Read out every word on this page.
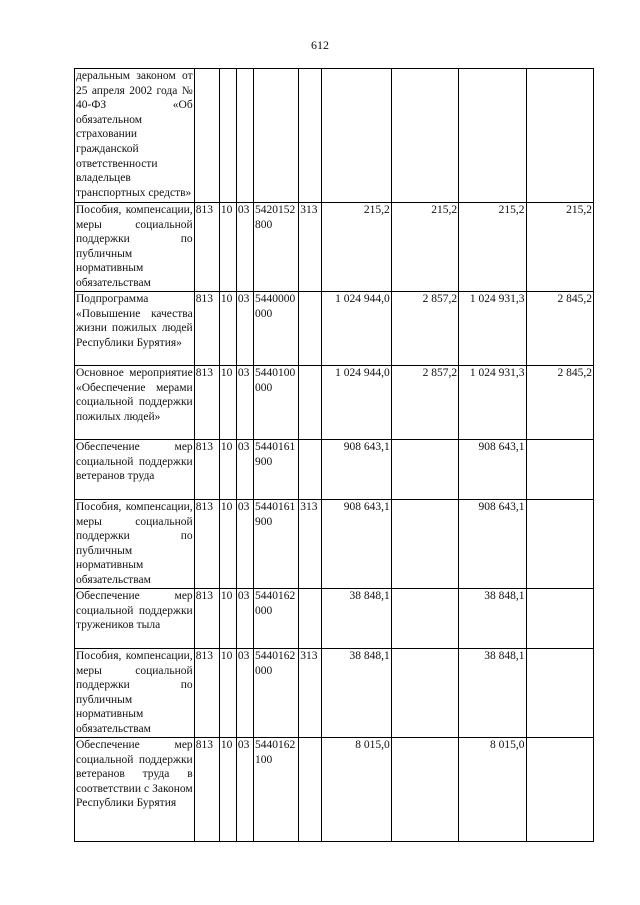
612
деральным законом от 25 апреля 2002 года № 40-ФЗ «Об обязательном страховании гражданской ответственности владельцев транспортных средств»									

Пособия, компенсации, меры социальной поддержки по публичным нормативным обязательствам	813	10	03	5420152800	313	215,2	215,2	215,2	215,2

Подпрограмма «Повышение качества жизни пожилых людей Республики Бурятия»	813	10	03	5440000000		1 024 944,0	2 857,2	1 024 931,3	2 845,2

Основное мероприятие «Обеспечение мерами социальной поддержки пожилых людей»	813	10	03	5440100000		1 024 944,0	2 857,2	1 024 931,3	2 845,2

Обеспечение мер социальной поддержки ветеранов труда	813	10	03	5440161900		908 643,1		908 643,1	

Пособия, компенсации, меры социальной поддержки по публичным нормативным обязательствам	813	10	03	5440161900	313	908 643,1		908 643,1	

Обеспечение мер социальной поддержки тружеников тыла	813	10	03	5440162000		38 848,1		38 848,1	

Пособия, компенсации, меры социальной поддержки по публичным нормативным обязательствам	813	10	03	5440162000	313	38 848,1		38 848,1	

Обеспечение мер социальной поддержки ветеранов труда в соответствии с Законом Республики Бурятия	813	10	03	5440162100		8 015,0		8 015,0	
